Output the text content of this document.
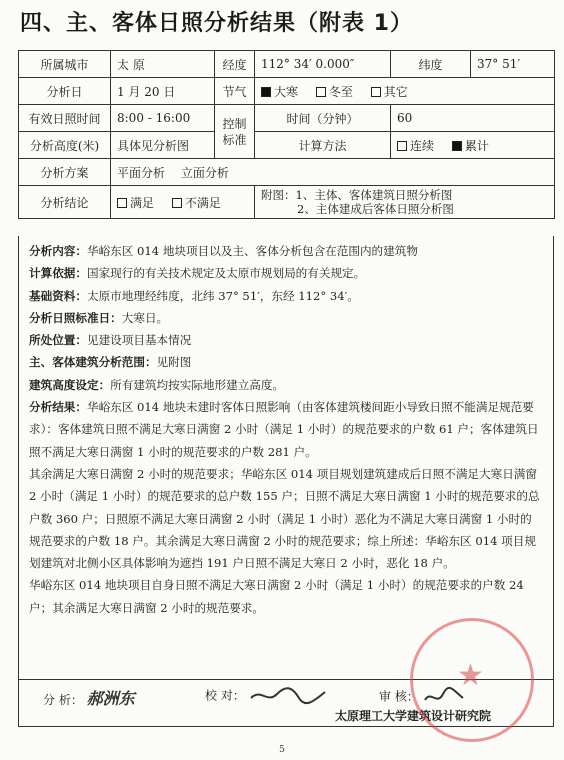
四、主、客体日照分析结果（附表 1）
所属城市	太 原	经度	112° 34′ 0.000″	纬度	37° 51′
分析日	1 月 20 日	节气	大寒 冬至 其它		
有效日照时间	8:00 - 16:00	控制标准	时间（分钟）	60	
分析高度(米)	具体见分析图		计算方法	连续 累计	
分析方案	平面分析　 立面分析				
分析结论	满足 不满足		附图：1、主体、客体建筑日照分析图
2、主体建成后客体日照分析图		

分析内容：华峪东区 014 地块项目以及主、客体分析包含在范围内的建筑物

计算依据：国家现行的有关技术规定及太原市规划局的有关规定。

基础资料：太原市地理经纬度，北纬 37° 51′，东经 112° 34′。

分析日照标准日：大寒日。

所处位置：见建设项目基本情况

主、客体建筑分析范围：见附图

建筑高度设定：所有建筑均按实际地形建立高度。

分析结果：华峪东区 014 地块未建时客体日照影响（由客体建筑楼间距小导致日照不能满足规范要求）：客体建筑日照不满足大寒日满窗 2 小时（满足 1 小时）的规范要求的户数 61 户；客体建筑日照不满足大寒日满窗 1 小时的规范要求的户数 281 户。

其余满足大寒日满窗 2 小时的规范要求；华峪东区 014 项目规划建筑建成后日照不满足大寒日满窗 2 小时（满足 1 小时）的规范要求的总户数 155 户；日照不满足大寒日满窗 1 小时的规范要求的总户数 360 户；日照原不满足大寒日满窗 2 小时（满足 1 小时）恶化为不满足大寒日满窗 1 小时的规范要求的户数 18 户。其余满足大寒日满窗 2 小时的规范要求；综上所述：华峪东区 014 项目规划建筑对北侧小区具体影响为遮挡 191 户日照不满足大寒日 2 小时，恶化 18 户。

华峪东区 014 地块项目自身日照不满足大寒日满窗 2 小时（满足 1 小时）的规范要求的户数 24 户；其余满足大寒日满窗 2 小时的规范要求。

分 析： 郝洲东	校 对：	审 核：
太原理工大学建筑设计研究院
★
5
